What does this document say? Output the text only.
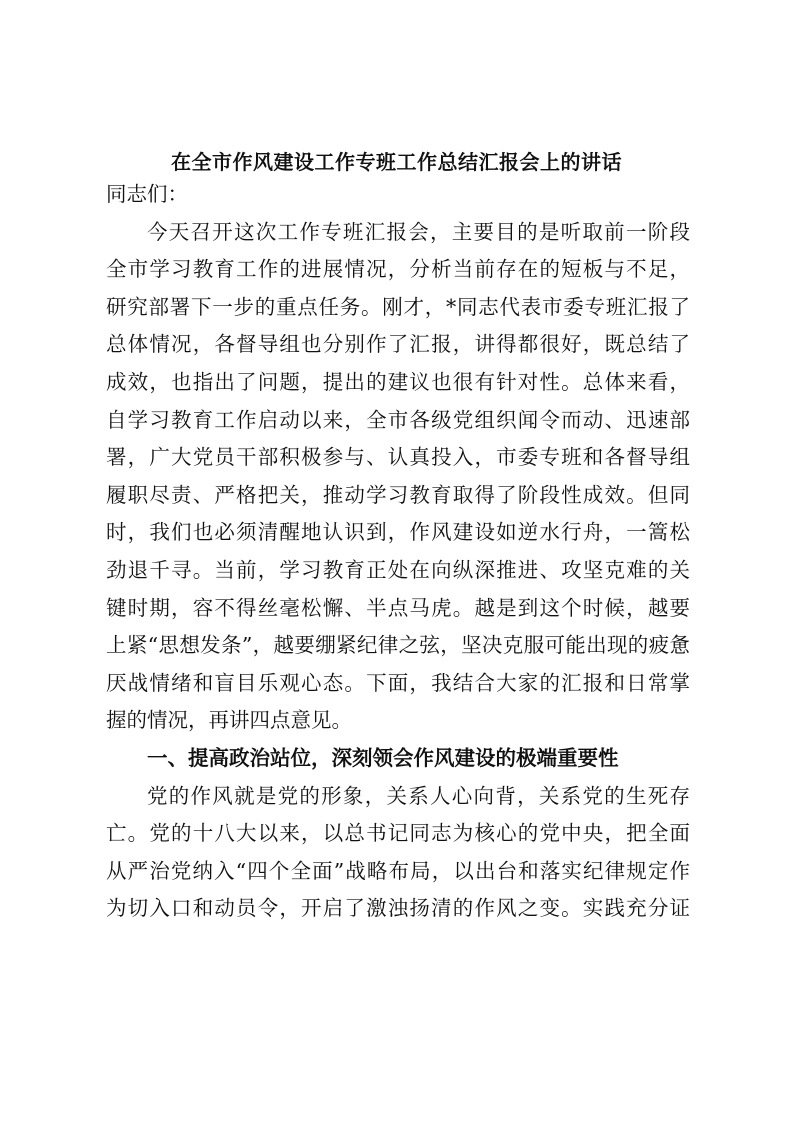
在全市作风建设工作专班工作总结汇报会上的讲话
同志们：
今天召开这次工作专班汇报会，主要目的是听取前一阶段
全市学习教育工作的进展情况，分析当前存在的短板与不足，
研究部署下一步的重点任务。刚才，*同志代表市委专班汇报了
总体情况，各督导组也分别作了汇报，讲得都很好，既总结了
成效，也指出了问题，提出的建议也很有针对性。总体来看，
自学习教育工作启动以来，全市各级党组织闻令而动、迅速部
署，广大党员干部积极参与、认真投入，市委专班和各督导组
履职尽责、严格把关，推动学习教育取得了阶段性成效。但同
时，我们也必须清醒地认识到，作风建设如逆水行舟，一篙松
劲退千寻。当前，学习教育正处在向纵深推进、攻坚克难的关
键时期，容不得丝毫松懈、半点马虎。越是到这个时候，越要
上紧“思想发条”，越要绷紧纪律之弦，坚决克服可能出现的疲惫
厌战情绪和盲目乐观心态。下面，我结合大家的汇报和日常掌
握的情况，再讲四点意见。
一、提高政治站位，深刻领会作风建设的极端重要性
党的作风就是党的形象，关系人心向背，关系党的生死存
亡。党的十八大以来，以总书记同志为核心的党中央，把全面
从严治党纳入“四个全面”战略布局，以出台和落实纪律规定作
为切入口和动员令，开启了激浊扬清的作风之变。实践充分证
